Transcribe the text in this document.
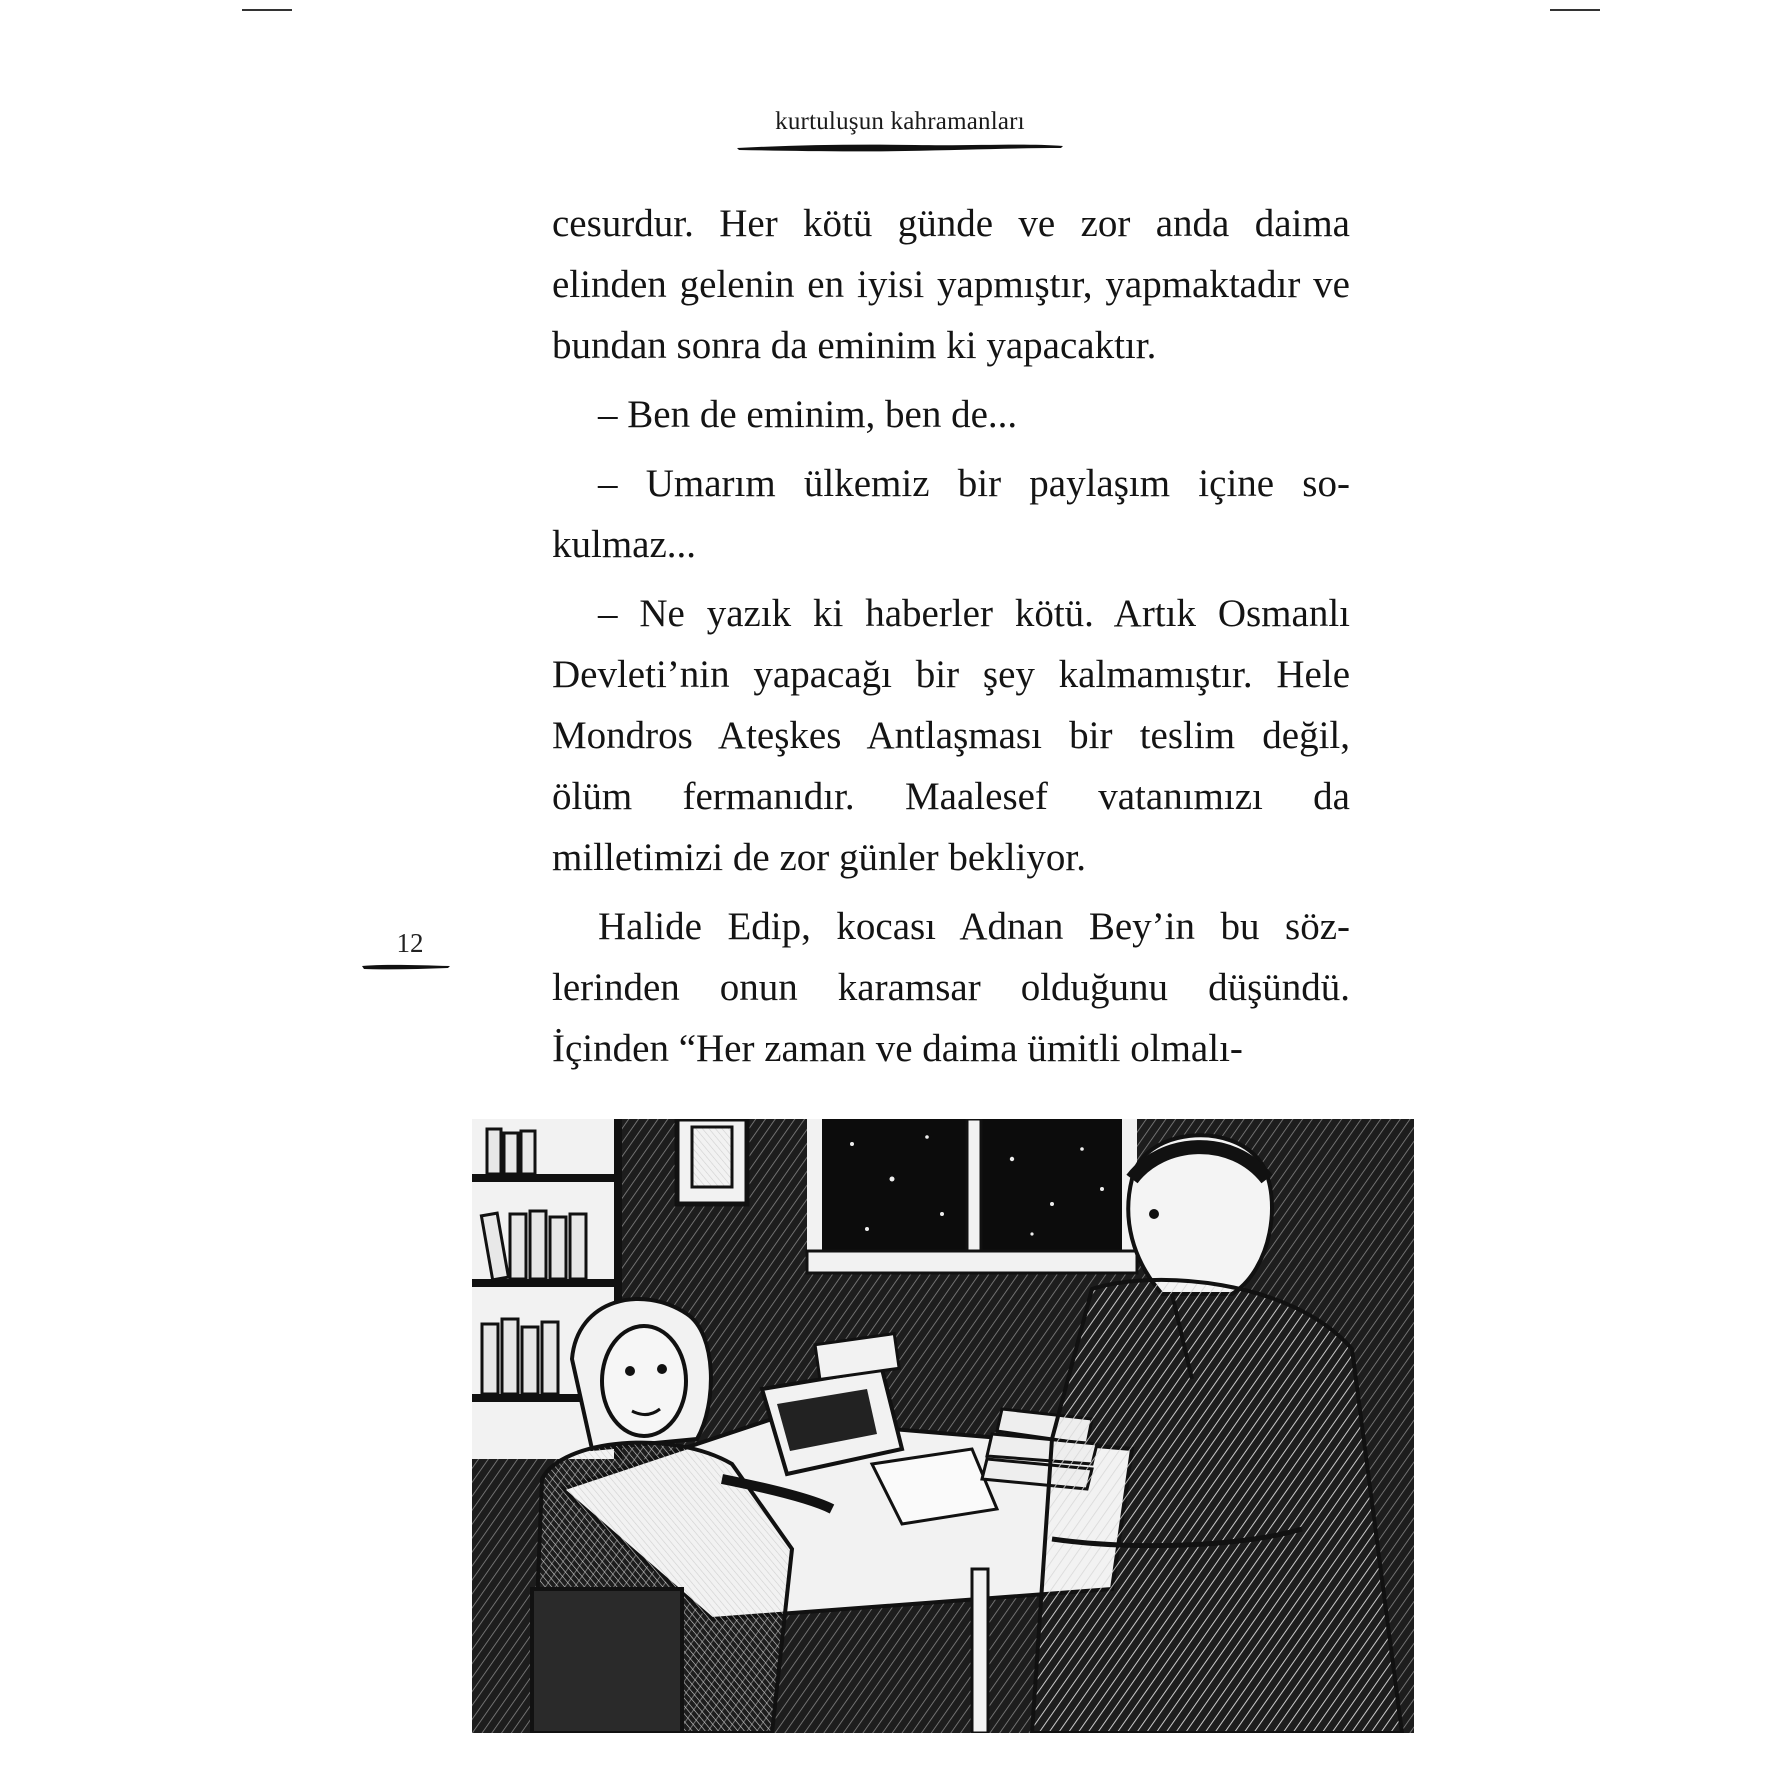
kurtuluşun kahramanları

cesurdur. Her kötü günde ve zor anda daima elinden gelenin en iyisi yapmıştır, yapmaktadır ve bundan sonra da eminim ki yapacaktır.

– Ben de eminim, ben de...

– Umarım ülkemiz bir paylaşım içine sokulmaz...

– Ne yazık ki haberler kötü. Artık Osmanlı Devleti’nin yapacağı bir şey kalmamıştır. Hele Mondros Ateşkes Antlaşması bir teslim değil, ölüm fermanıdır. Maalesef vatanımızı da milletimizi de zor günler bekliyor.

Halide Edip, kocası Adnan Bey’in bu sözlerinden onun karamsar olduğunu düşündü. İçinden “Her zaman ve daima ümitli olmalı-

12
